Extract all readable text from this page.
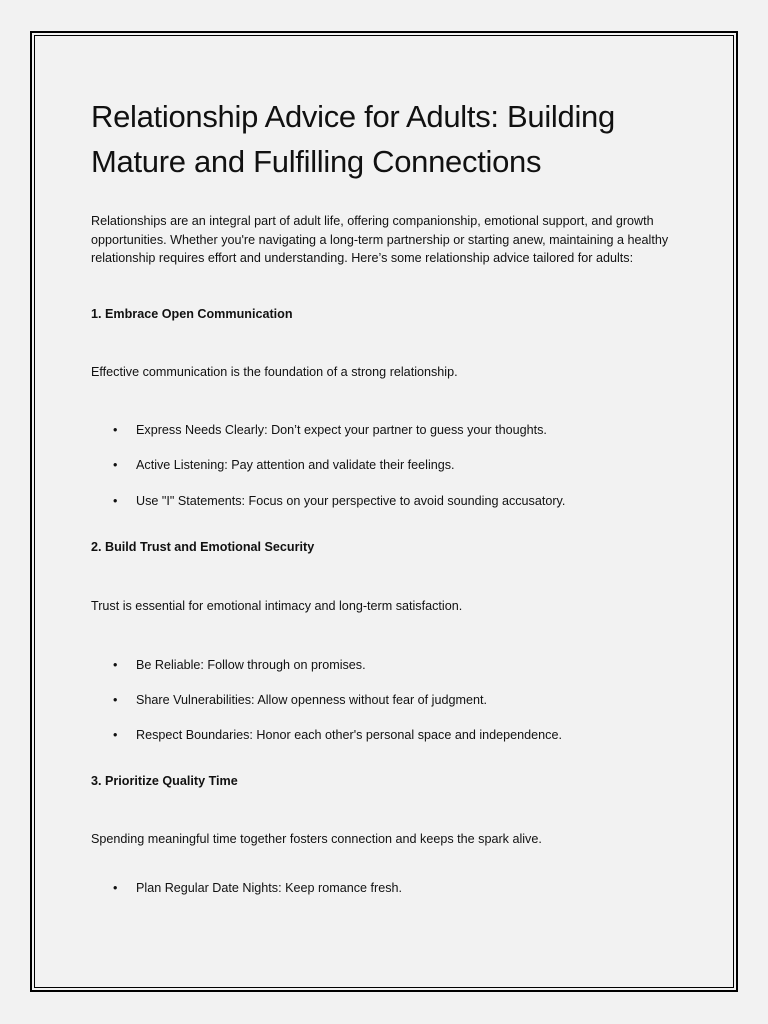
Relationship Advice for Adults: Building Mature and Fulfilling Connections

Relationships are an integral part of adult life, offering companionship, emotional support, and growth opportunities. Whether you're navigating a long-term partnership or starting anew, maintaining a healthy relationship requires effort and understanding. Here’s some relationship advice tailored for adults:

1. Embrace Open Communication

Effective communication is the foundation of a strong relationship.

• Express Needs Clearly: Don’t expect your partner to guess your thoughts.
• Active Listening: Pay attention and validate their feelings.
• Use "I" Statements: Focus on your perspective to avoid sounding accusatory.
2. Build Trust and Emotional Security

Trust is essential for emotional intimacy and long-term satisfaction.

• Be Reliable: Follow through on promises.
• Share Vulnerabilities: Allow openness without fear of judgment.
• Respect Boundaries: Honor each other's personal space and independence.
3. Prioritize Quality Time

Spending meaningful time together fosters connection and keeps the spark alive.

• Plan Regular Date Nights: Keep romance fresh.
